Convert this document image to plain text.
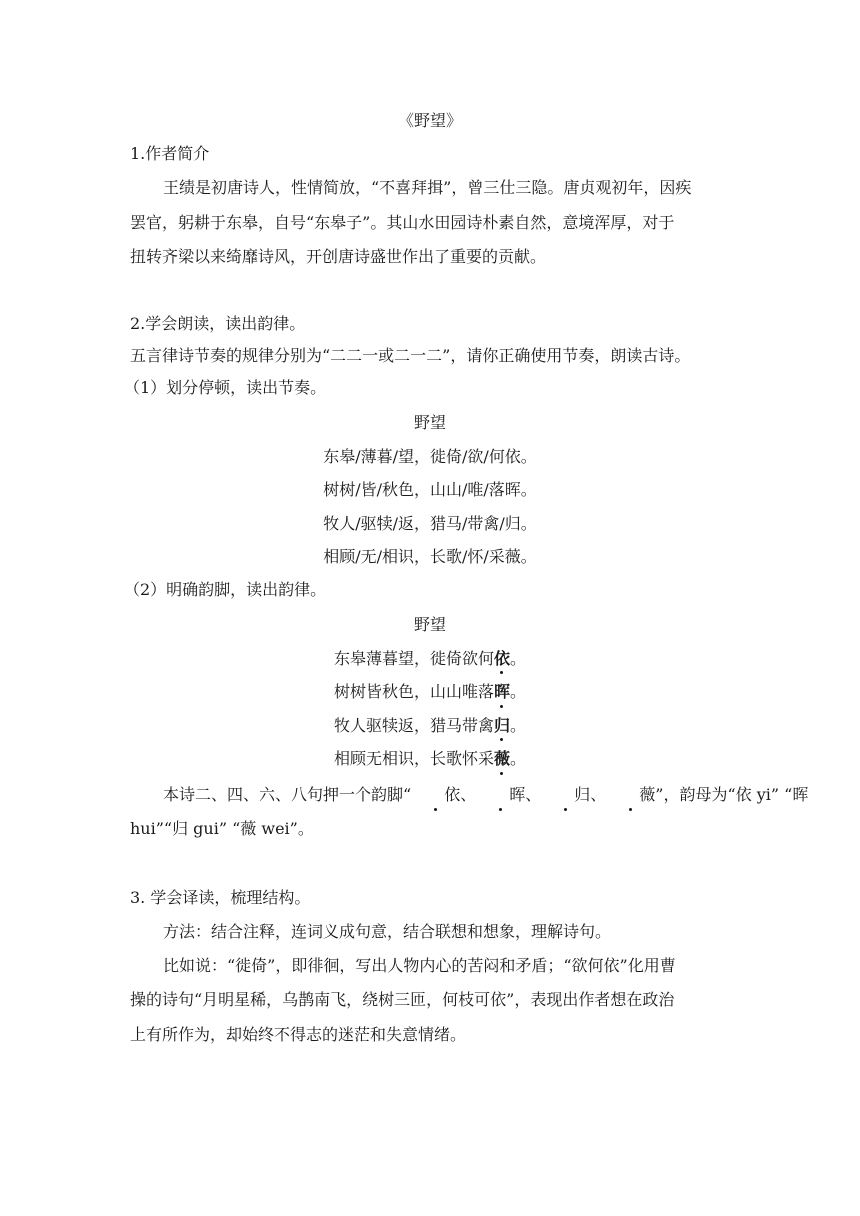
《野望》
1.作者简介
王绩是初唐诗人，性情简放，“不喜拜揖”，曾三仕三隐。唐贞观初年，因疾
罢官，躬耕于东皋，自号“东皋子”。其山水田园诗朴素自然，意境浑厚，对于
扭转齐梁以来绮靡诗风，开创唐诗盛世作出了重要的贡献。
2.学会朗读，读出韵律。
五言律诗节奏的规律分别为“二二一或二一二”，请你正确使用节奏，朗读古诗。
（1）划分停顿，读出节奏。
野望
东皋/薄暮/望，徙倚/欲/何依。
树树/皆/秋色，山山/唯/落晖。
牧人/驱犊/返，猎马/带禽/归。
相顾/无/相识，长歌/怀/采薇。
（2）明确韵脚，读出韵律。
野望
东皋薄暮望，徙倚欲何依。
树树皆秋色，山山唯落晖。
牧人驱犊返，猎马带禽归。
相顾无相识，长歌怀采薇。
本诗二、四、六、八句押一个韵脚“ 依、 晖、 归、 薇”，韵母为“依 yi” “晖
hui”“归 gui” “薇 wei”。
3. 学会译读，梳理结构。
方法：结合注释，连词义成句意，结合联想和想象，理解诗句。
比如说：“徙倚”，即徘徊，写出人物内心的苦闷和矛盾；“欲何依”化用曹
操的诗句“月明星稀，乌鹊南飞，绕树三匝，何枝可依”，表现出作者想在政治
上有所作为，却始终不得志的迷茫和失意情绪。
